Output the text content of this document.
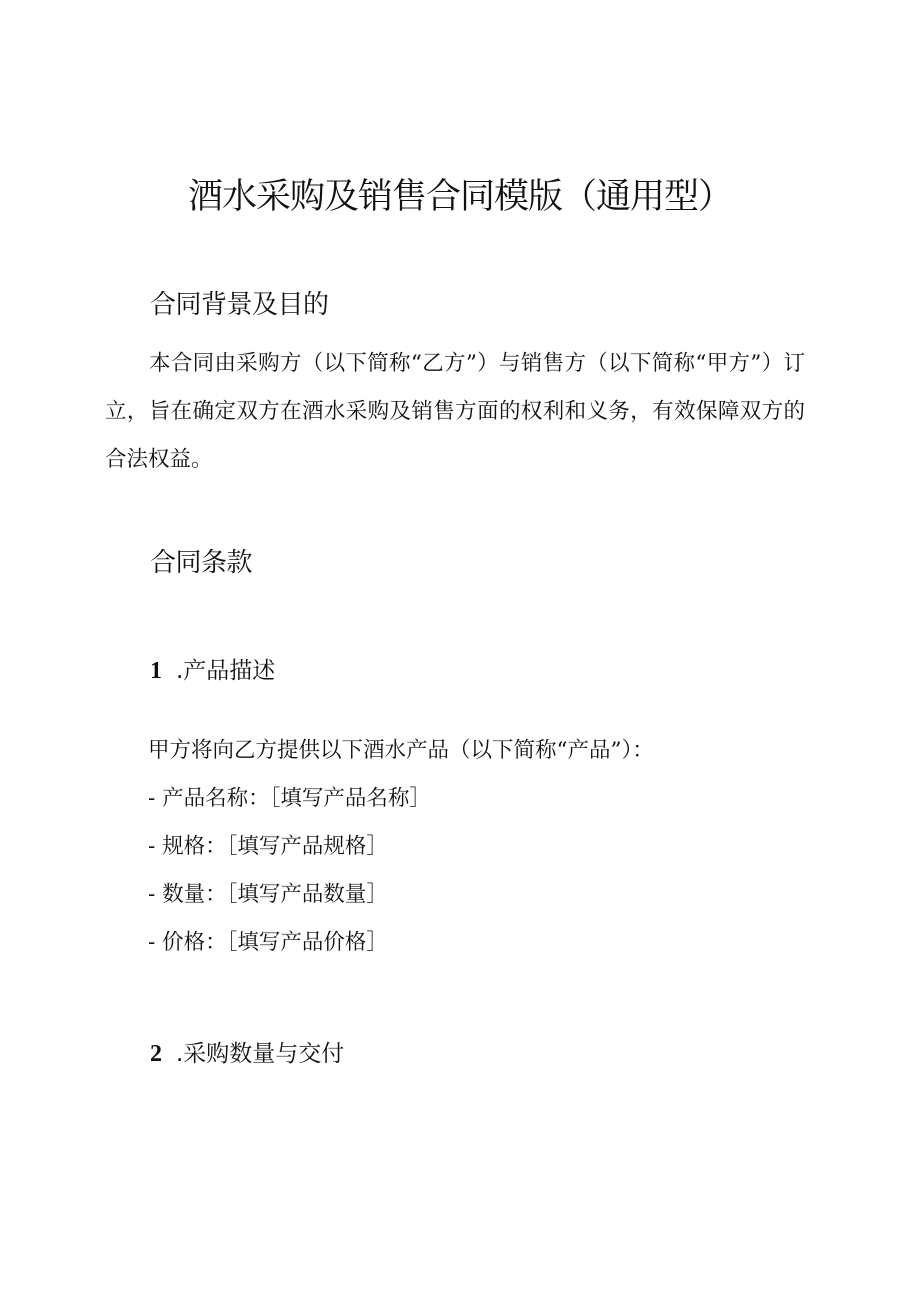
酒水采购及销售合同模版（通用型）
合同背景及目的

本合同由采购方（以下简称“乙方”）与销售方（以下简称“甲方”）订立，旨在确定双方在酒水采购及销售方面的权利和义务，有效保障双方的合法权益。

合同条款
1 .产品描述
甲方将向乙方提供以下酒水产品（以下简称“产品”）：
- 产品名称：［填写产品名称］
- 规格：［填写产品规格］
- 数量：［填写产品数量］
- 价格：［填写产品价格］
2 .采购数量与交付
